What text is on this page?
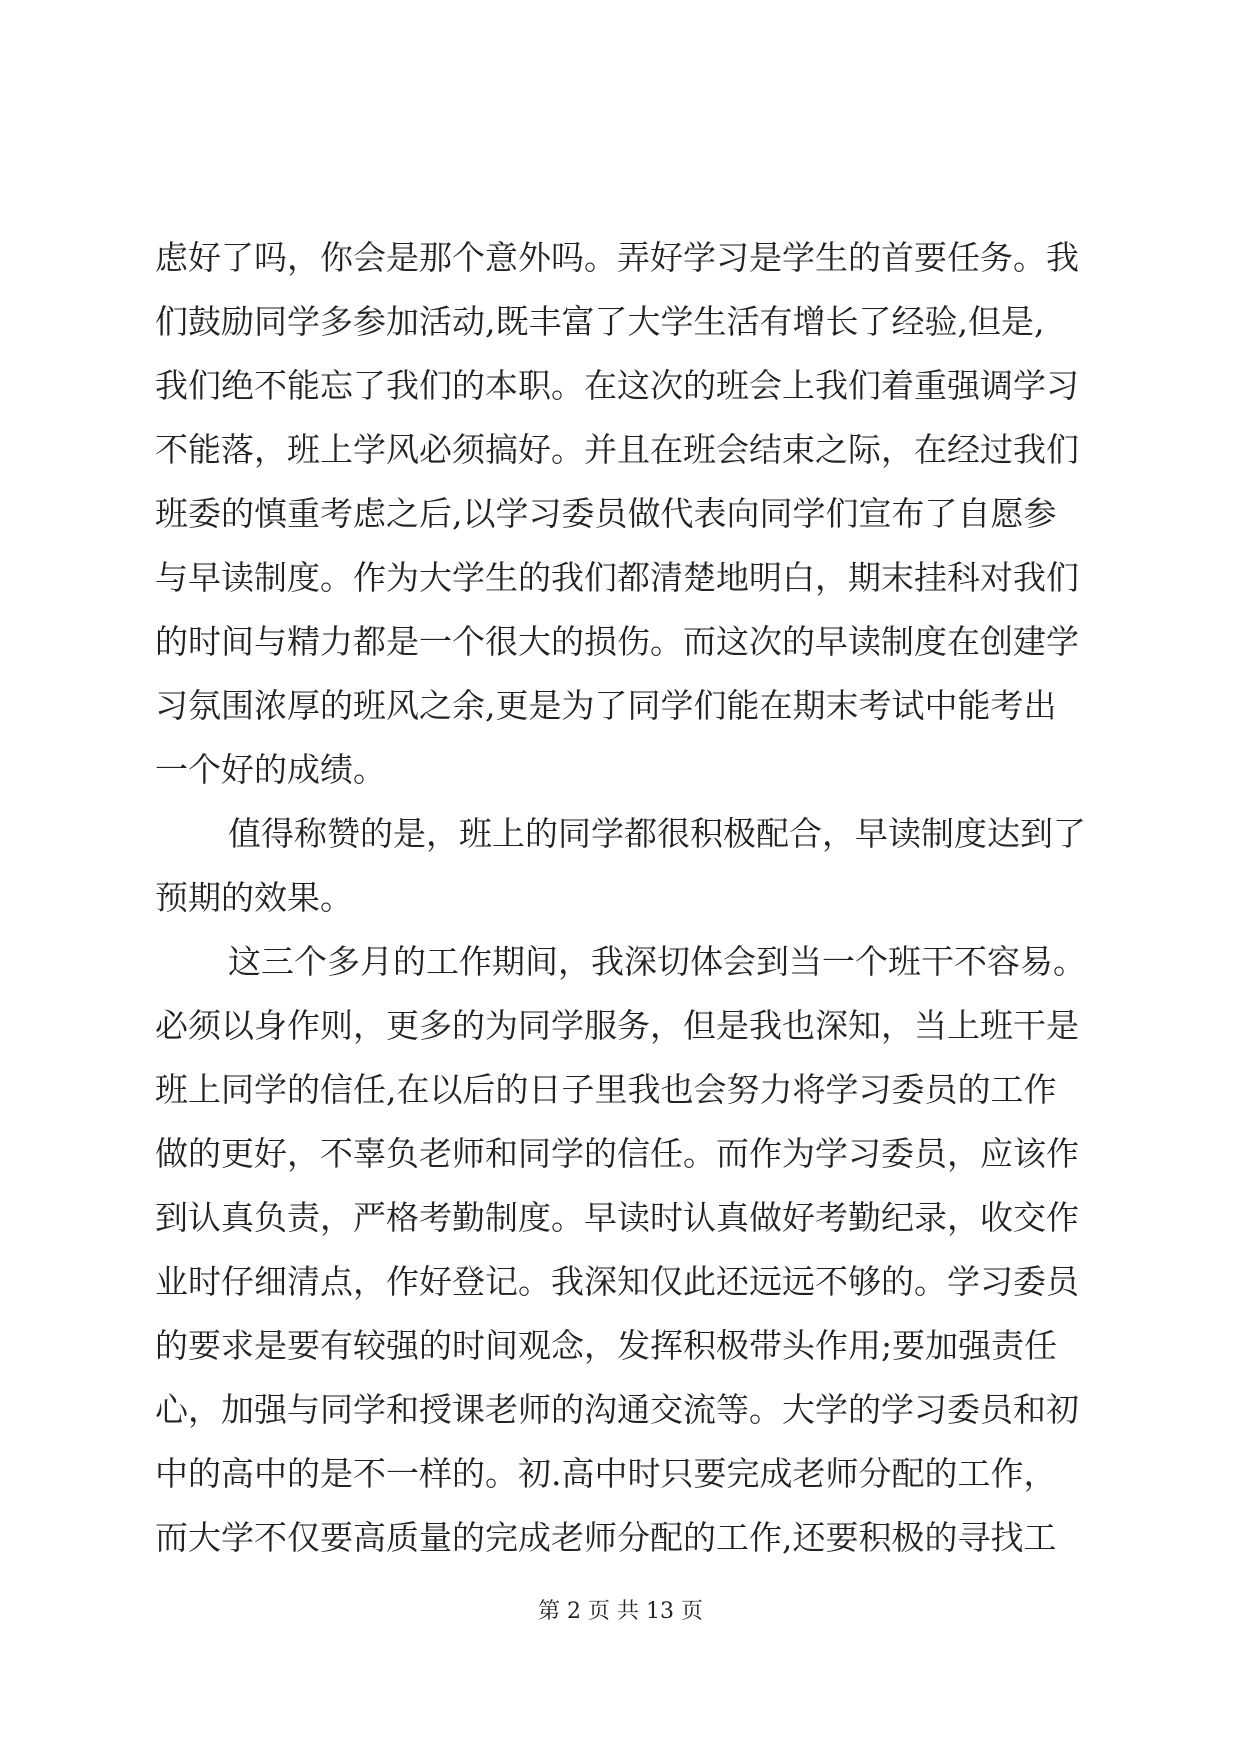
虑好了吗，你会是那个意外吗。弄好学习是学生的首要任务。我
们鼓励同学多参加活动,既丰富了大学生活有增长了经验,但是,
我们绝不能忘了我们的本职。在这次的班会上我们着重强调学习
不能落，班上学风必须搞好。并且在班会结束之际，在经过我们
班委的慎重考虑之后,以学习委员做代表向同学们宣布了自愿参
与早读制度。作为大学生的我们都清楚地明白，期末挂科对我们
的时间与精力都是一个很大的损伤。而这次的早读制度在创建学
习氛围浓厚的班风之余,更是为了同学们能在期末考试中能考出
一个好的成绩。
值得称赞的是，班上的同学都很积极配合，早读制度达到了
预期的效果。
这三个多月的工作期间，我深切体会到当一个班干不容易。
必须以身作则，更多的为同学服务，但是我也深知，当上班干是
班上同学的信任,在以后的日子里我也会努力将学习委员的工作
做的更好，不辜负老师和同学的信任。而作为学习委员，应该作
到认真负责，严格考勤制度。早读时认真做好考勤纪录，收交作
业时仔细清点，作好登记。我深知仅此还远远不够的。学习委员
的要求是要有较强的时间观念，发挥积极带头作用;要加强责任
心，加强与同学和授课老师的沟通交流等。大学的学习委员和初
中的高中的是不一样的。初.高中时只要完成老师分配的工作，
而大学不仅要高质量的完成老师分配的工作,还要积极的寻找工
第 2 页 共 13 页
